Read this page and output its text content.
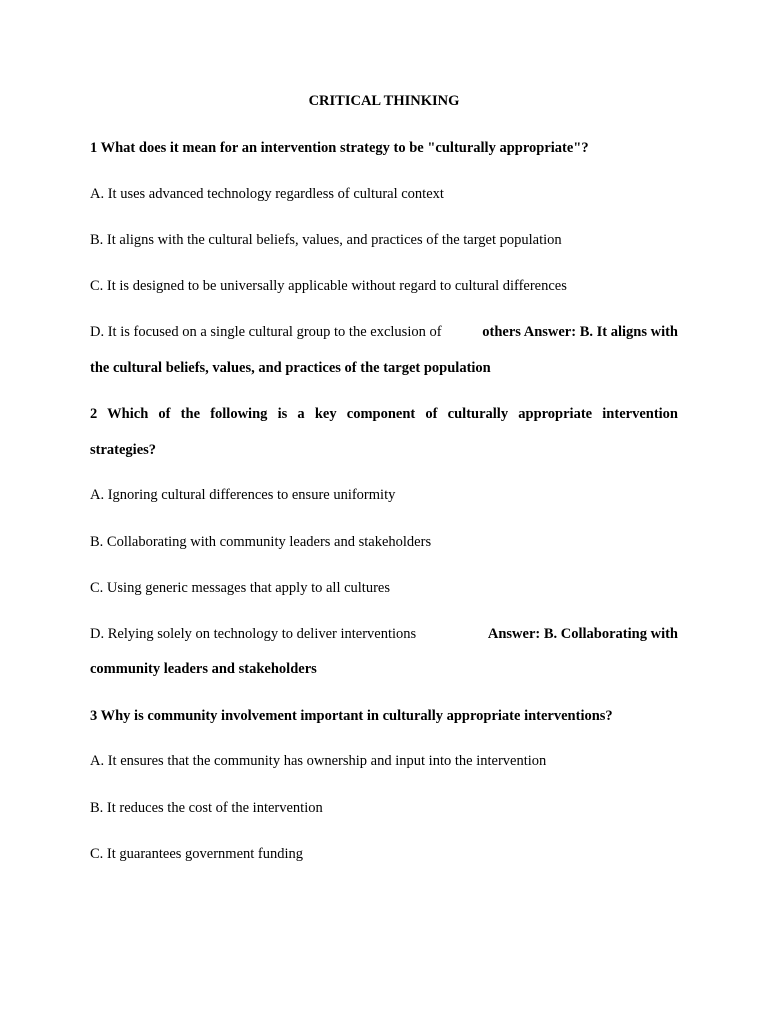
CRITICAL THINKING
1 What does it mean for an intervention strategy to be "culturally appropriate"?
A. It uses advanced technology regardless of cultural context
B. It aligns with the cultural beliefs, values, and practices of the target population
C. It is designed to be universally applicable without regard to cultural differences
D. It is focused on a single cultural group to the exclusion of	others Answer: B. It aligns with
the cultural beliefs, values, and practices of the target population
2 Which of the following is a key component of culturally appropriate intervention
strategies?
A. Ignoring cultural differences to ensure uniformity
B. Collaborating with community leaders and stakeholders
C. Using generic messages that apply to all cultures
D. Relying solely on technology to deliver interventions	Answer: B. Collaborating with
community leaders and stakeholders
3 Why is community involvement important in culturally appropriate interventions?
A. It ensures that the community has ownership and input into the intervention
B. It reduces the cost of the intervention
C. It guarantees government funding
